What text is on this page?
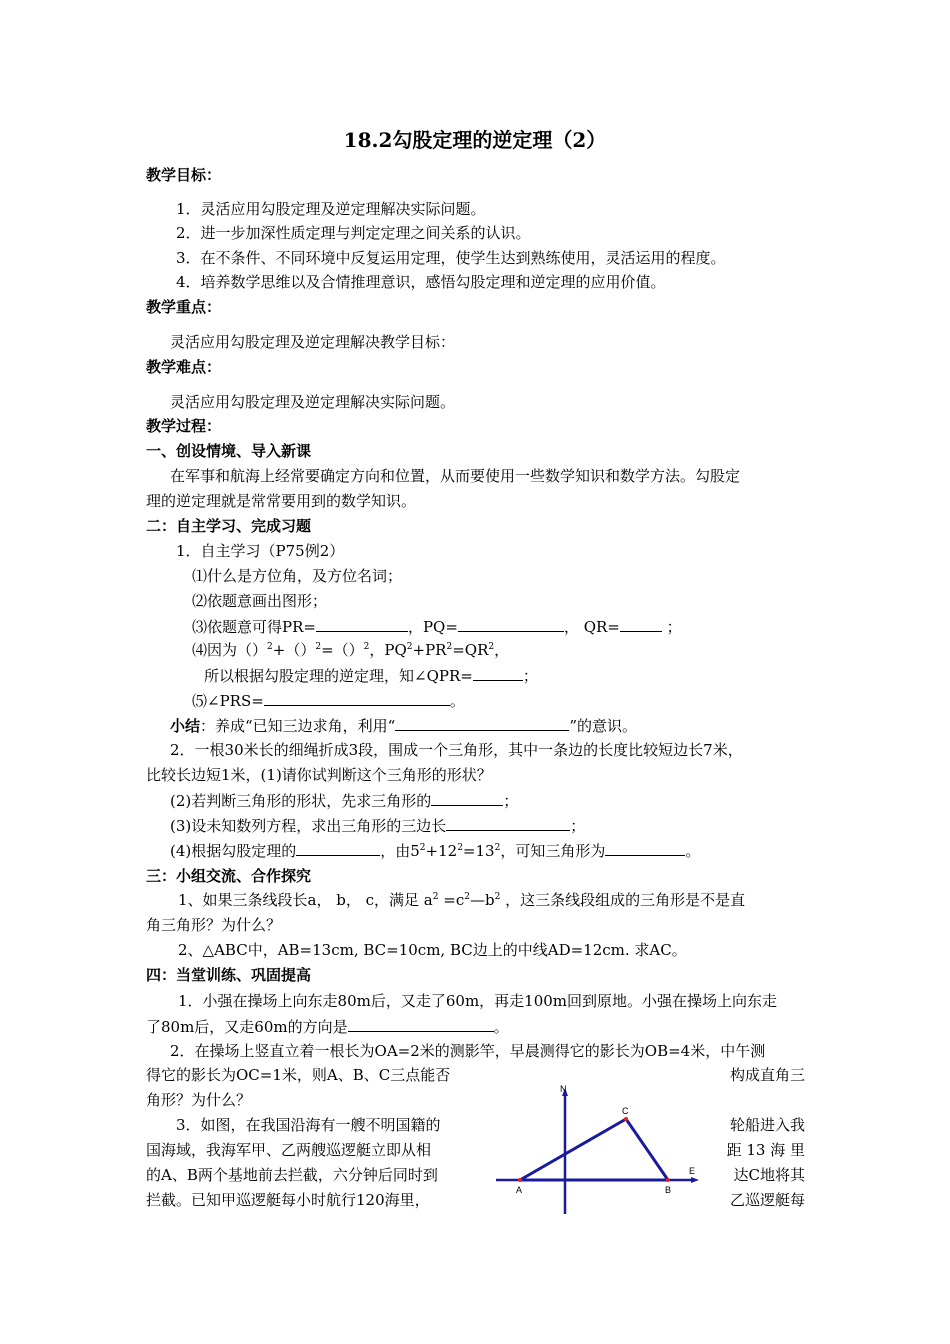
18.2勾股定理的逆定理（2）
教学目标：
1．灵活应用勾股定理及逆定理解决实际问题。
2．进一步加深性质定理与判定定理之间关系的认识。
3．在不条件、不同环境中反复运用定理，使学生达到熟练使用，灵活运用的程度。
4．培养数学思维以及合情推理意识，感悟勾股定理和逆定理的应用价值。
教学重点：
灵活应用勾股定理及逆定理解决教学目标：
教学难点：
灵活应用勾股定理及逆定理解决实际问题。
教学过程：
一、创设情境、导入新课
在军事和航海上经常要确定方向和位置，从而要使用一些数学知识和数学方法。勾股定
理的逆定理就是常常要用到的数学知识。
二：自主学习、完成习题
1．自主学习（P75例2）
⑴什么是方位角，及方位名词；
⑵依题意画出图形；
⑶依题意可得PR=	，PQ=	， QR=	；
⑷因为（）$^2$+（）$^2$=（）$^2$，$PQ^2+PR^2=QR^2$，
所以根据勾股定理的逆定理，知∠QPR=	；
⑸∠PRS=	。
小结：养成“已知三边求角，利用“	”的意识。
2．一根30米长的细绳折成3段，围成一个三角形，其中一条边的长度比较短边长7米，
比较长边短1米，(1)请你试判断这个三角形的形状？
(2)若判断三角形的形状，先求三角形的	；
(3)设未知数列方程，求出三角形的三边长	；
(4)根据勾股定理的	，由$5^2+12^2=13^2$，可知三角形为	。
三：小组交流、合作探究
1、如果三条线段长a， b， c，满足 $a^2$ $=c^2—b^2$ ，这三条线段组成的三角形是不是直
角三角形？为什么？
2、△ABC中，AB=13cm, BC=10cm, BC边上的中线AD=12cm. 求AC。
四：当堂训练、巩固提高
1．小强在操场上向东走80m后，又走了60m，再走100m回到原地。小强在操场上向东走
了80m后，又走60m的方向是	。
2．在操场上竖直立着一根长为OA=2米的测影竿，早晨测得它的影长为OB=4米，中午测
得它的影长为OC=1米，则A、B、C三点能否	构成直角三
角形？为什么？
3．如图，在我国沿海有一艘不明国籍的	轮船进入我
国海域，我海军甲、乙两艘巡逻艇立即从相	距 13 海 里
的A、B两个基地前去拦截，六分钟后同时到	达C地将其
拦截。已知甲巡逻艇每小时航行120海里，	乙巡逻艇每
N
E
A	B
C
